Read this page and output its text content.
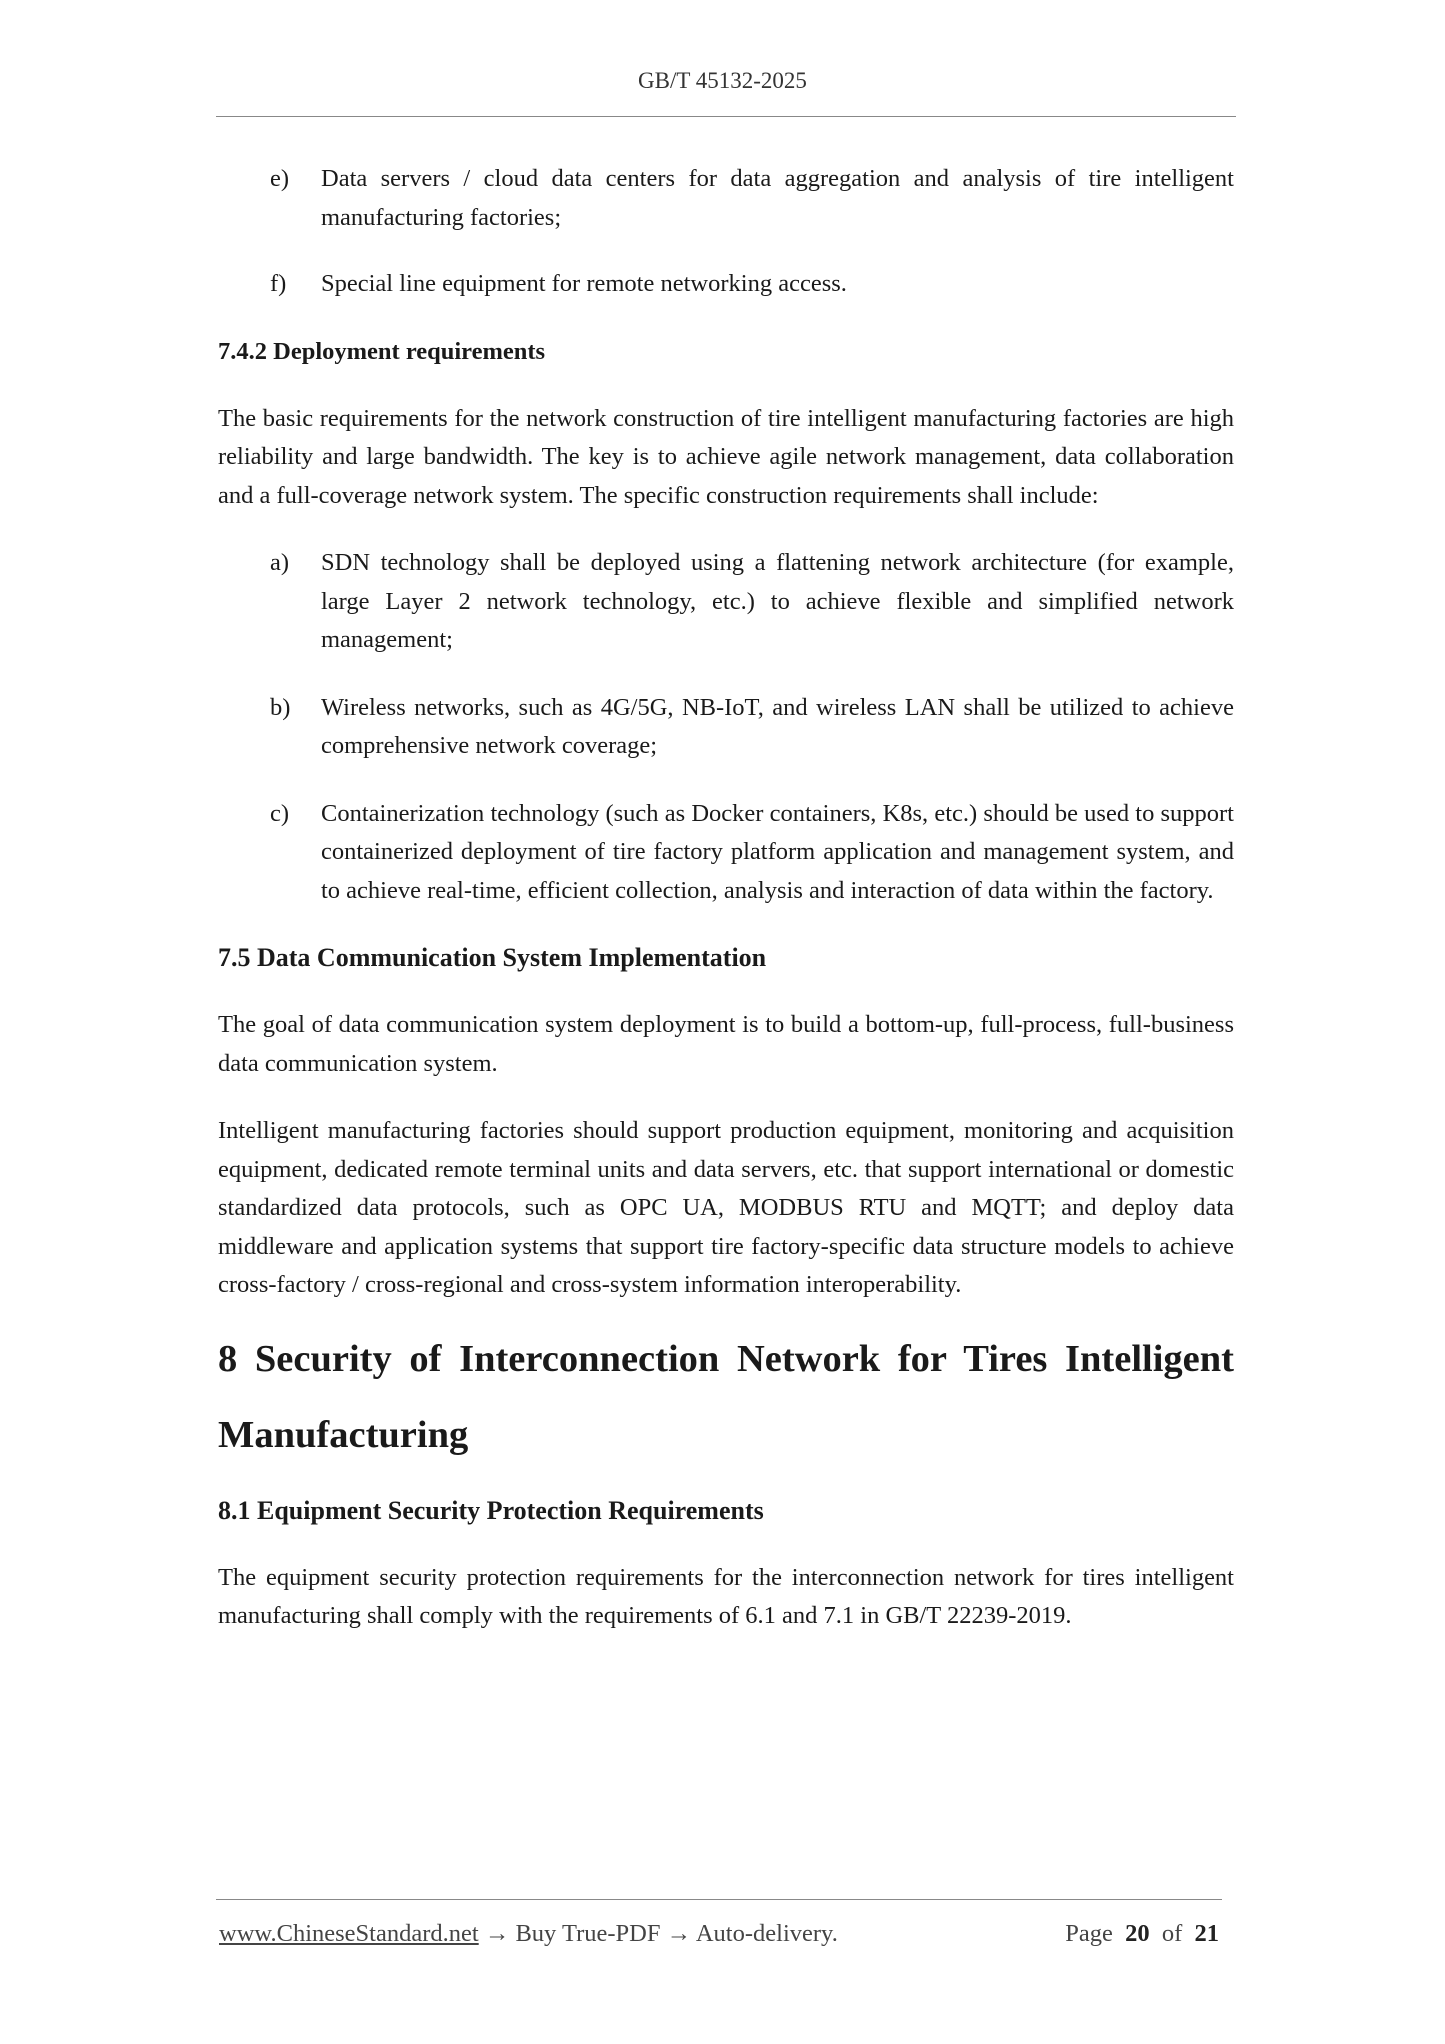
GB/T 45132-2025
e)	Data servers / cloud data centers for data aggregation and analysis of tire intelligent manufacturing factories;

f)	Special line equipment for remote networking access.

7.4.2 Deployment requirements

The basic requirements for the network construction of tire intelligent manufacturing factories are high reliability and large bandwidth. The key is to achieve agile network management, data collaboration and a full-coverage network system. The specific construction requirements shall include:

a)	SDN technology shall be deployed using a flattening network architecture (for example, large Layer 2 network technology, etc.) to achieve flexible and simplified network management;

b)	Wireless networks, such as 4G/5G, NB-IoT, and wireless LAN shall be utilized to achieve comprehensive network coverage;

c)	Containerization technology (such as Docker containers, K8s, etc.) should be used to support containerized deployment of tire factory platform application and management system, and to achieve real-time, efficient collection, analysis and interaction of data within the factory.

7.5 Data Communication System Implementation

The goal of data communication system deployment is to build a bottom-up, full-process, full-business data communication system.

Intelligent manufacturing factories should support production equipment, monitoring and acquisition equipment, dedicated remote terminal units and data servers, etc. that support international or domestic standardized data protocols, such as OPC UA, MODBUS RTU and MQTT; and deploy data middleware and application systems that support tire factory-specific data structure models to achieve cross-factory / cross-regional and cross-system information interoperability.

8 Security of Interconnection Network for Tires Intelligent Manufacturing

8.1 Equipment Security Protection Requirements

The equipment security protection requirements for the interconnection network for tires intelligent manufacturing shall comply with the requirements of 6.1 and 7.1 in GB/T 22239-2019.

www.ChineseStandard.net → Buy True-PDF → Auto-delivery.	Page 20 of 21
